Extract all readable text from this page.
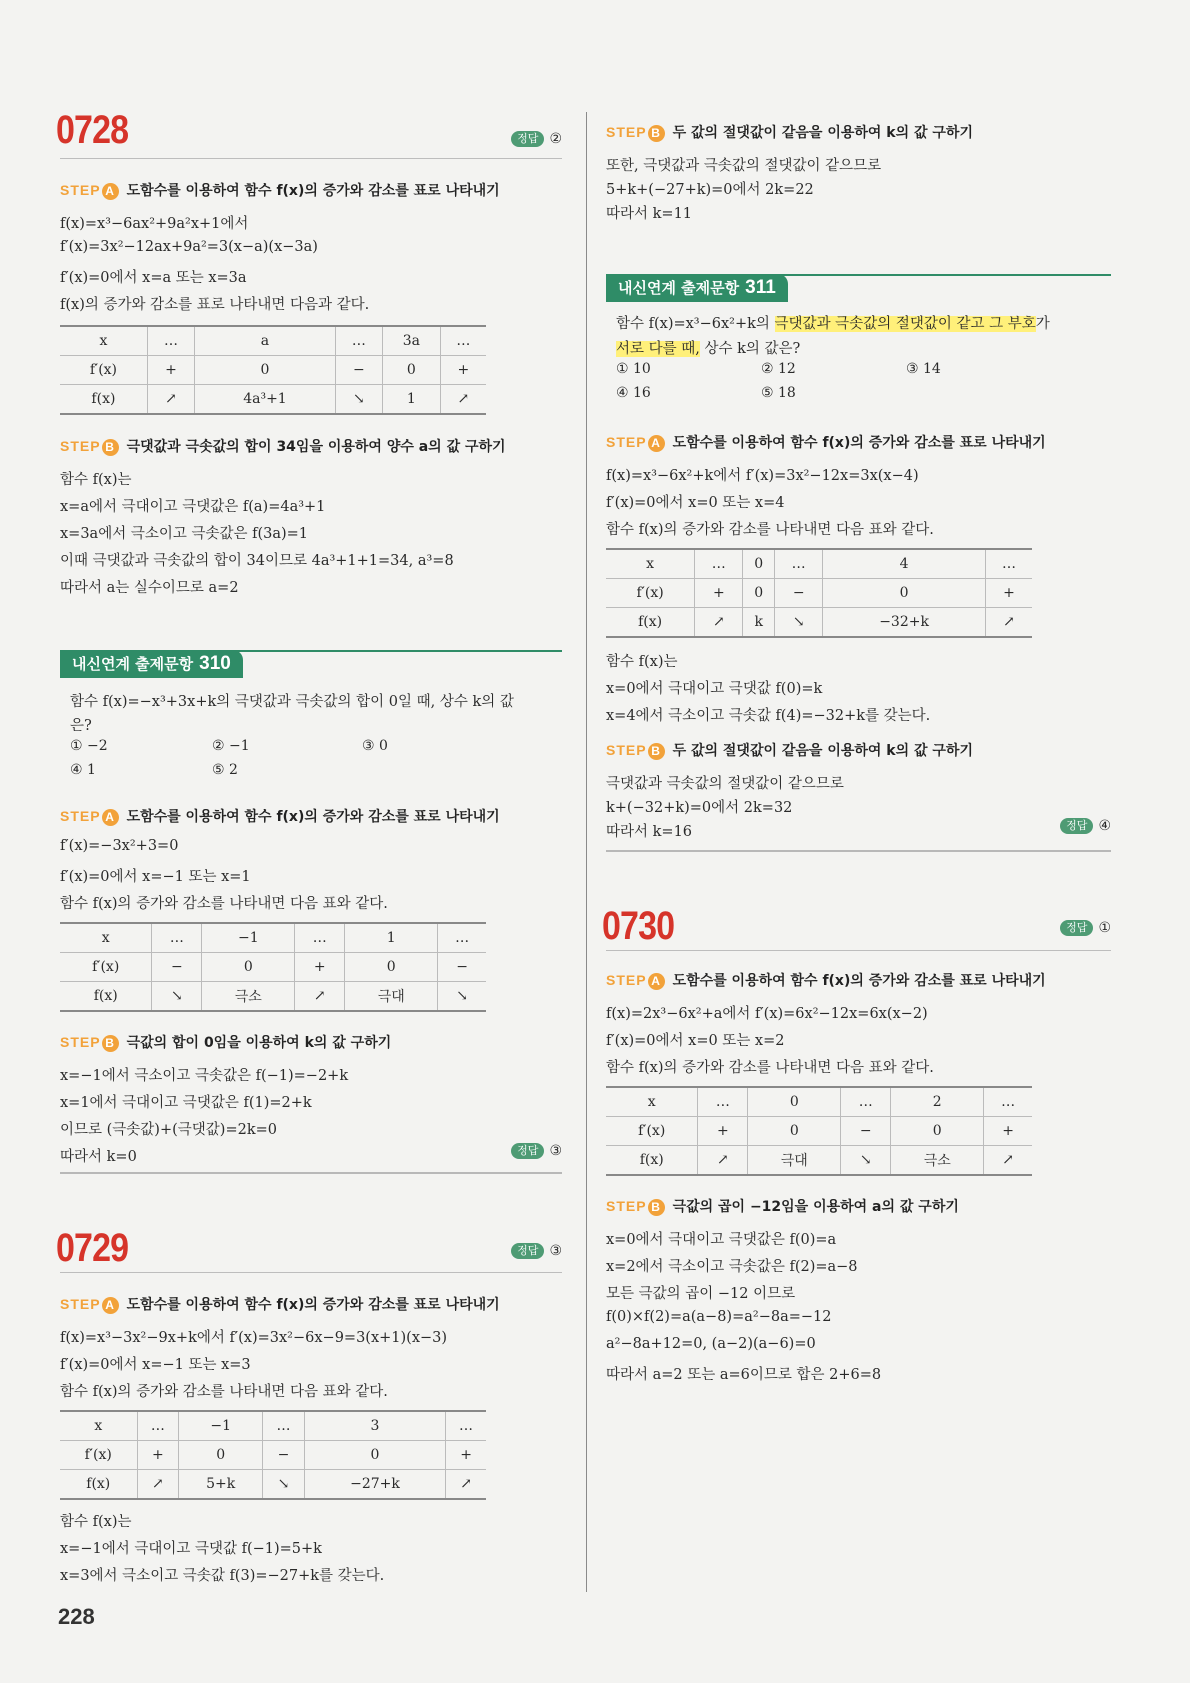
0728	정답 ②
STEP A 도함수를 이용하여 함수 f(x)의 증가와 감소를 표로 나타내기
f(x)=x³−6ax²+9a²x+1에서
f′(x)=3x²−12ax+9a²=3(x−a)(x−3a)
f′(x)=0에서 x=a 또는 x=3a
f(x)의 증가와 감소를 표로 나타내면 다음과 같다.
x	…	a	…	3a	…
f′(x)	+	0	−	0	+
f(x)	↗	4a³+1	↘	1	↗
STEP B 극댓값과 극솟값의 합이 34임을 이용하여 양수 a의 값 구하기
함수 f(x)는
x=a에서 극대이고 극댓값은 f(a)=4a³+1
x=3a에서 극소이고 극솟값은 f(3a)=1
이때 극댓값과 극솟값의 합이 34이므로 4a³+1+1=34, a³=8
따라서 a는 실수이므로 a=2
내신연계 출제문항 310
함수 f(x)=−x³+3x+k의 극댓값과 극솟값의 합이 0일 때, 상수 k의 값
은?
① −2	② −1	③ 0
④ 1	⑤ 2
STEP A 도함수를 이용하여 함수 f(x)의 증가와 감소를 표로 나타내기
f′(x)=−3x²+3=0
f′(x)=0에서 x=−1 또는 x=1
함수 f(x)의 증가와 감소를 나타내면 다음 표와 같다.
x	…	−1	…	1	…
f′(x)	−	0	+	0	−
f(x)	↘	극소	↗	극대	↘
STEP B 극값의 합이 0임을 이용하여 k의 값 구하기
x=−1에서 극소이고 극솟값은 f(−1)=−2+k
x=1에서 극대이고 극댓값은 f(1)=2+k
이므로 (극솟값)+(극댓값)=2k=0
따라서 k=0	정답 ③
0729	정답 ③
STEP A 도함수를 이용하여 함수 f(x)의 증가와 감소를 표로 나타내기
f(x)=x³−3x²−9x+k에서 f′(x)=3x²−6x−9=3(x+1)(x−3)
f′(x)=0에서 x=−1 또는 x=3
함수 f(x)의 증가와 감소를 나타내면 다음 표와 같다.
x	…	−1	…	3	…
f′(x)	+	0	−	0	+
f(x)	↗	5+k	↘	−27+k	↗
함수 f(x)는
x=−1에서 극대이고 극댓값 f(−1)=5+k
x=3에서 극소이고 극솟값 f(3)=−27+k를 갖는다.
STEP B 두 값의 절댓값이 같음을 이용하여 k의 값 구하기
또한, 극댓값과 극솟값의 절댓값이 같으므로
5+k+(−27+k)=0에서 2k=22
따라서 k=11
내신연계 출제문항 311
함수 f(x)=x³−6x²+k의 극댓값과 극솟값의 절댓값이 같고 그 부호가
서로 다를 때, 상수 k의 값은?
① 10	② 12	③ 14
④ 16	⑤ 18
STEP A 도함수를 이용하여 함수 f(x)의 증가와 감소를 표로 나타내기
f(x)=x³−6x²+k에서 f′(x)=3x²−12x=3x(x−4)
f′(x)=0에서 x=0 또는 x=4
함수 f(x)의 증가와 감소를 나타내면 다음 표와 같다.
x	…	0	…	4	…
f′(x)	+	0	−	0	+
f(x)	↗	k	↘	−32+k	↗
함수 f(x)는
x=0에서 극대이고 극댓값 f(0)=k
x=4에서 극소이고 극솟값 f(4)=−32+k를 갖는다.
STEP B 두 값의 절댓값이 같음을 이용하여 k의 값 구하기
극댓값과 극솟값의 절댓값이 같으므로
k+(−32+k)=0에서 2k=32
따라서 k=16	정답 ④
0730	정답 ①
STEP A 도함수를 이용하여 함수 f(x)의 증가와 감소를 표로 나타내기
f(x)=2x³−6x²+a에서 f′(x)=6x²−12x=6x(x−2)
f′(x)=0에서 x=0 또는 x=2
함수 f(x)의 증가와 감소를 나타내면 다음 표와 같다.
x	…	0	…	2	…
f′(x)	+	0	−	0	+
f(x)	↗	극대	↘	극소	↗
STEP B 극값의 곱이 −12임을 이용하여 a의 값 구하기
x=0에서 극대이고 극댓값은 f(0)=a
x=2에서 극소이고 극솟값은 f(2)=a−8
모든 극값의 곱이 −12 이므로
f(0)×f(2)=a(a−8)=a²−8a=−12
a²−8a+12=0, (a−2)(a−6)=0
따라서 a=2 또는 a=6이므로 합은 2+6=8
228
